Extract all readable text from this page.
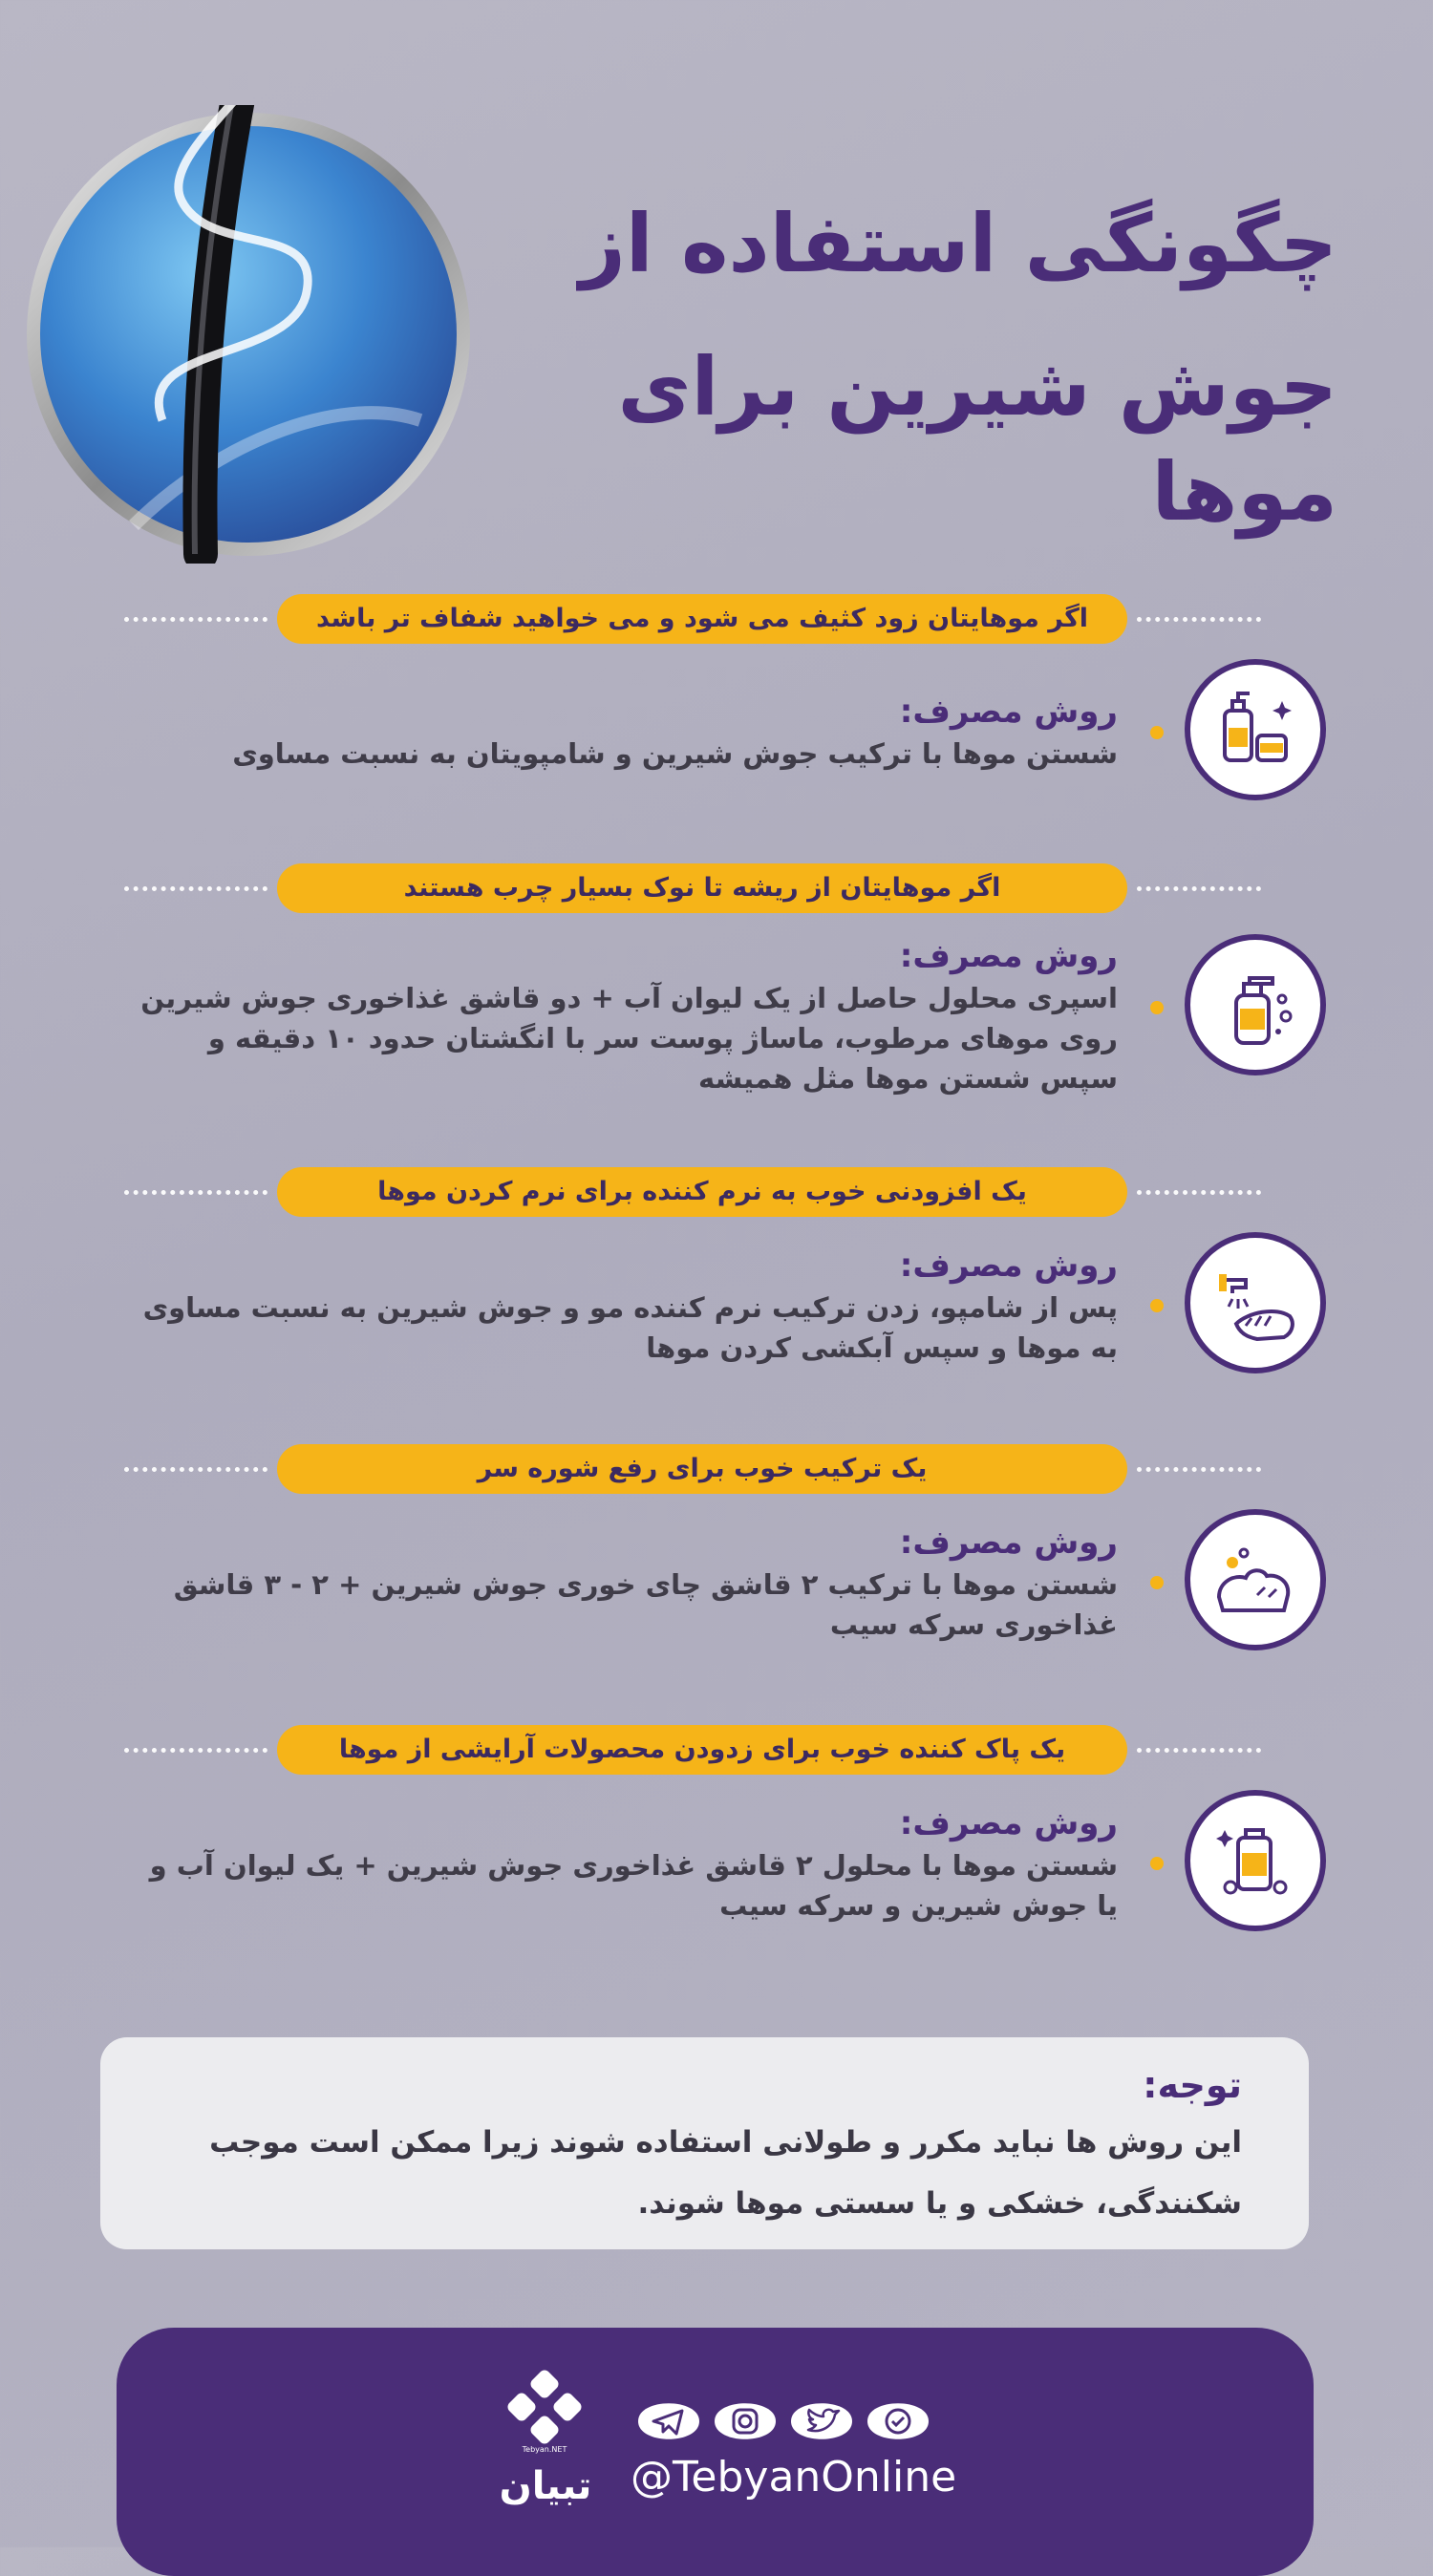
چگونگی استفاده از
جوش شیرین برای موها
اگر موهایتان زود کثیف می شود و می خواهید شفاف تر باشد
روش مصرف:
شستن موها با ترکیب جوش شیرین و شامپویتان به نسبت مساوی
اگر موهایتان از ریشه تا نوک بسیار چرب هستند
روش مصرف:
اسپری محلول حاصل از یک لیوان آب + دو قاشق غذاخوری جوش شیرین روی موهای مرطوب، ماساژ پوست سر با انگشتان حدود ۱۰ دقیقه و سپس شستن موها مثل همیشه
یک افزودنی خوب به نرم کننده برای نرم کردن موها
روش مصرف:
پس از شامپو، زدن ترکیب نرم کننده مو و جوش شیرین به نسبت مساوی به موها و سپس آبکشی کردن موها
یک ترکیب خوب برای رفع شوره سر
روش مصرف:
شستن موها با ترکیب ۲ قاشق چای خوری جوش شیرین + ۲ - ۳ قاشق غذاخوری سرکه سیب
یک پاک کننده خوب برای زدودن محصولات آرایشی از موها
روش مصرف:
شستن موها با محلول ۲ قاشق غذاخوری جوش شیرین + یک لیوان آب و یا جوش شیرین و سرکه سیب
توجه:
این روش ها نباید مکرر و طولانی استفاده شوند زیرا ممکن است موجب شکنندگی، خشکی و یا سستی موها شوند.
Tebyan.NET
تبیان @TebyanOnline
